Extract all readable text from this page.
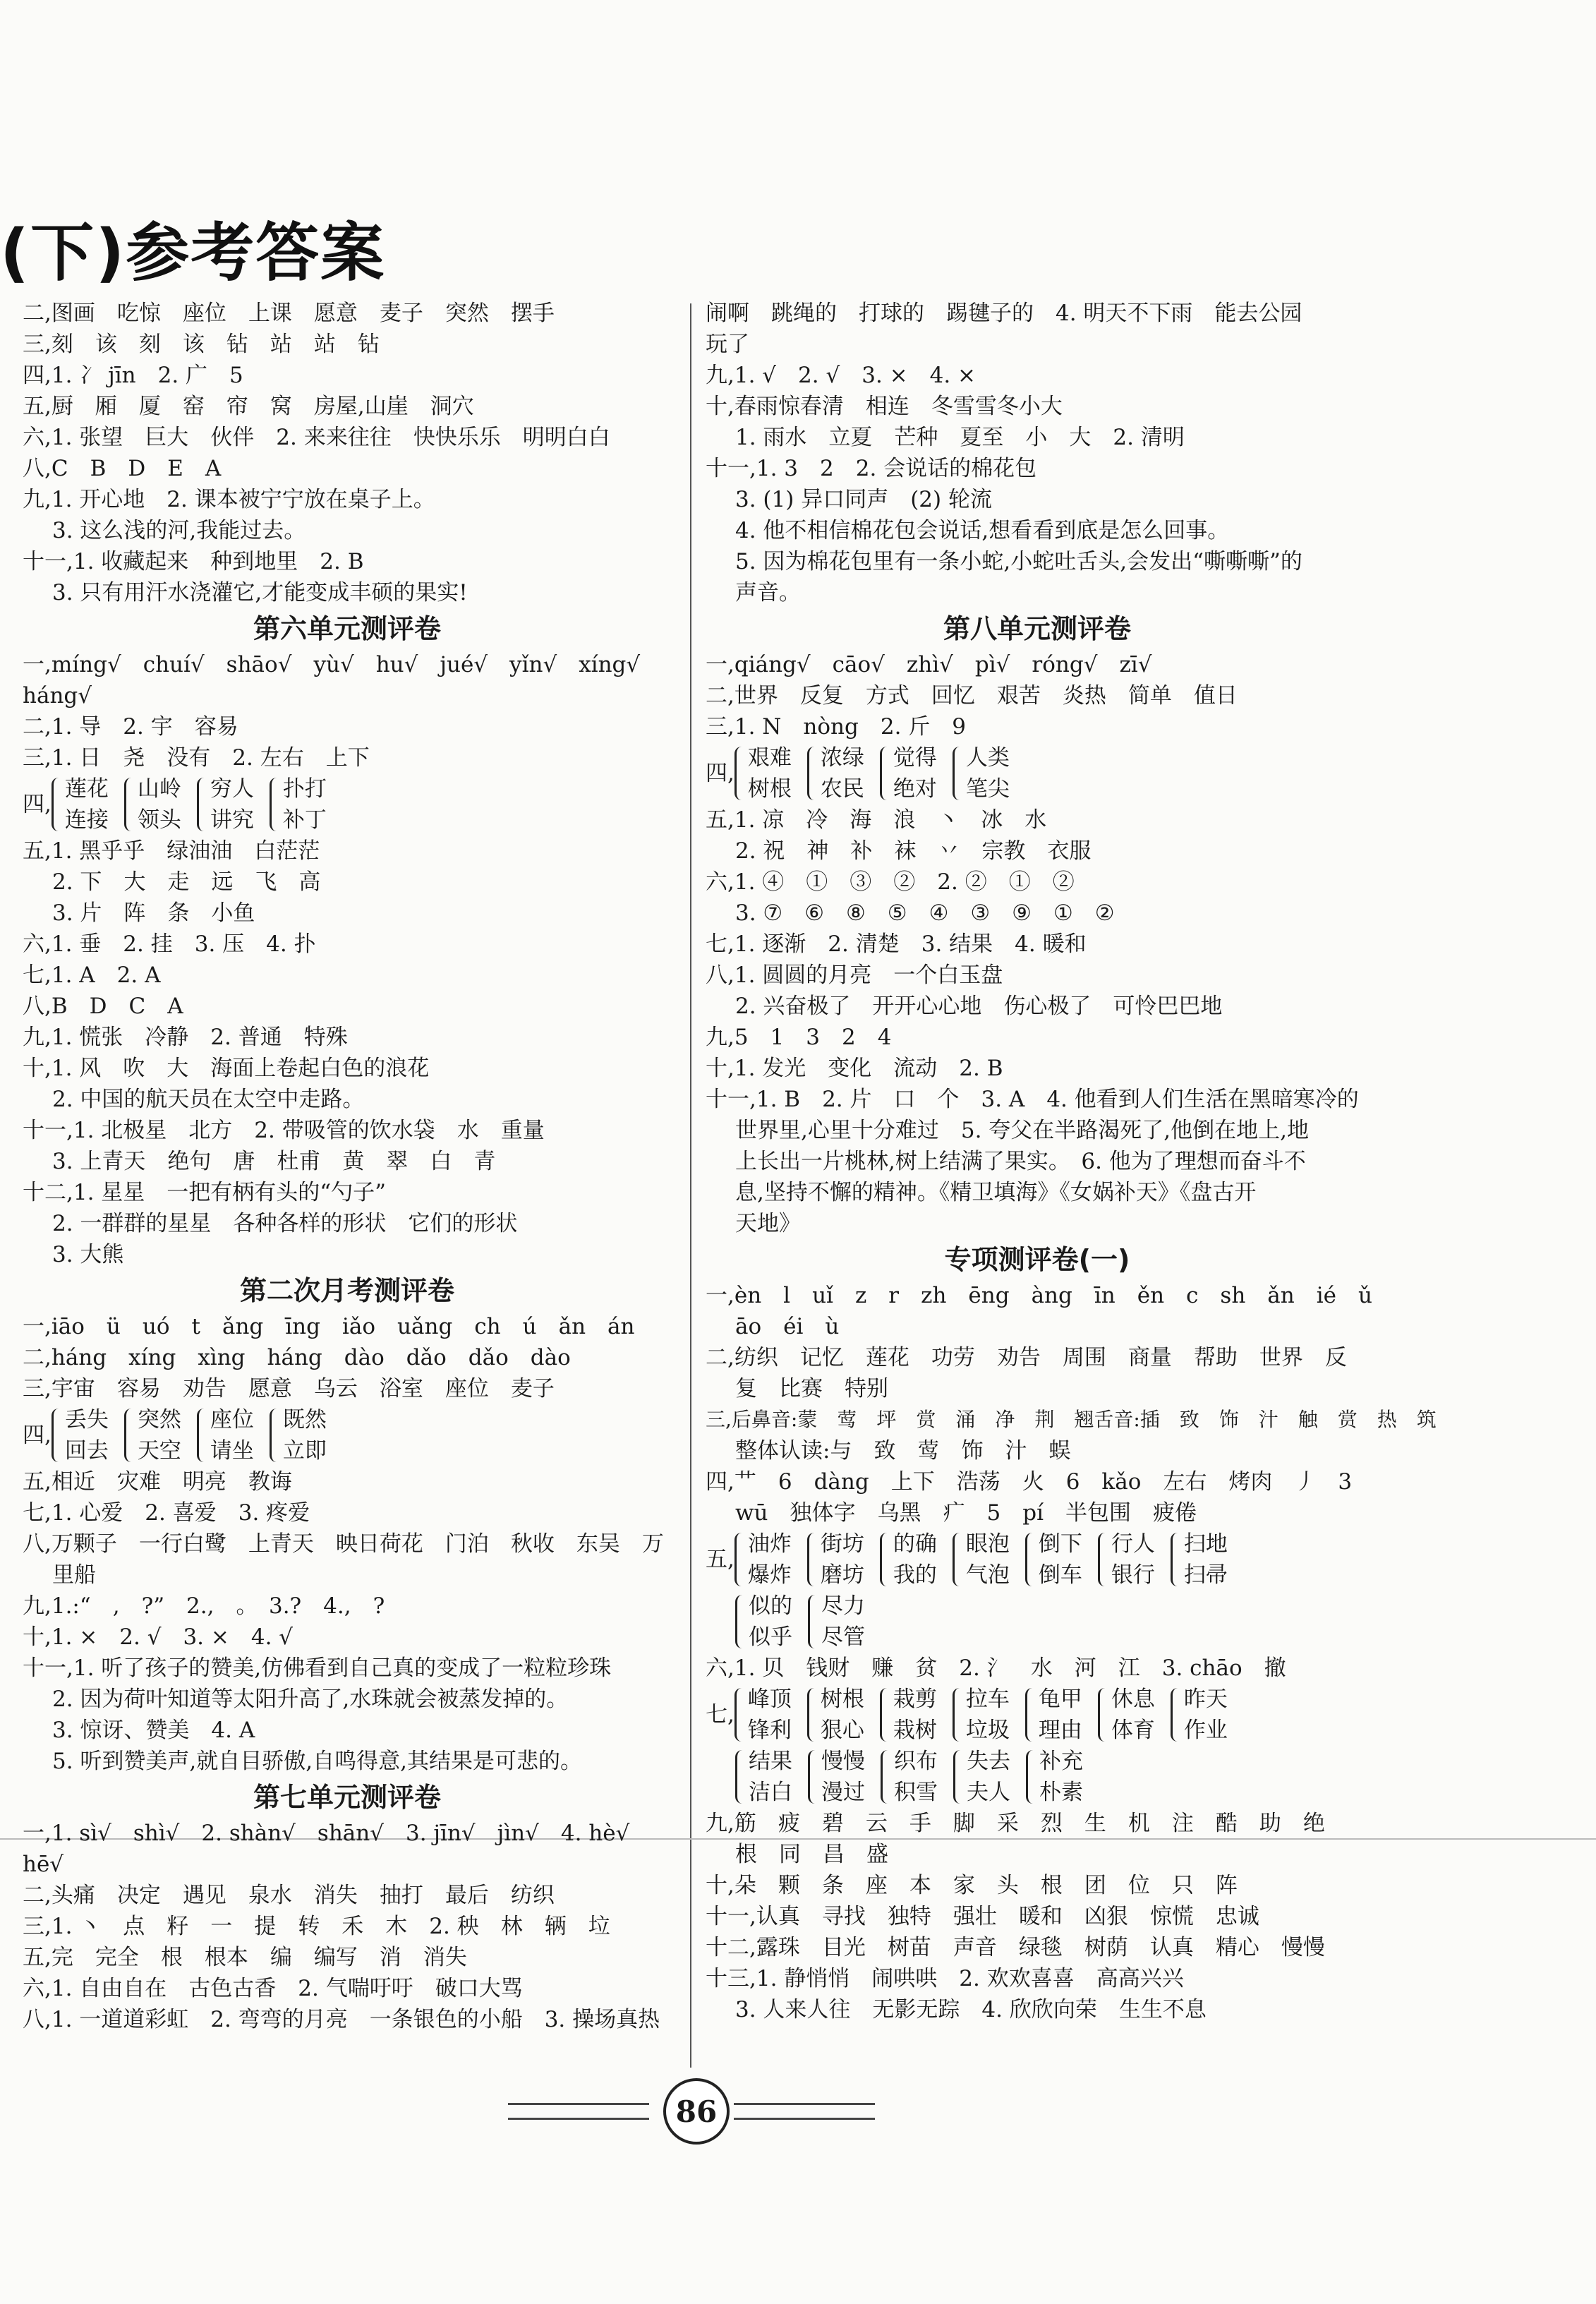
(下)参考答案
二,图画　吃惊　座位　上课　愿意　麦子　突然　摆手
三,刻　该　刻　该　钻　站　站　钻
四,1. 冫 jīn　2. 广　5
五,厨　厢　厦　窑　帘　窝　房屋,山崖　洞穴
六,1. 张望　巨大　伙伴　2. 来来往往　快快乐乐　明明白白
八,C　B　D　E　A
九,1. 开心地　2. 课本被宁宁放在桌子上。
3. 这么浅的河,我能过去。
十一,1. 收藏起来　种到地里　2. B
3. 只有用汗水浇灌它,才能变成丰硕的果实!
第六单元测评卷
一,míng√　chuí√　shāo√　yù√　hu√　jué√　yǐn√　xíng√
háng√
二,1. 导　2. 宇　容易
三,1. 日　尧　没有　2. 左右　上下
四,
莲花
连接
山岭
领头
穷人
讲究
扑打
补丁
五,1. 黑乎乎　绿油油　白茫茫
2. 下　大　走　远　飞　高
3. 片　阵　条　小鱼
六,1. 垂　2. 挂　3. 压　4. 扑
七,1. A　2. A
八,B　D　C　A
九,1. 慌张　冷静　2. 普通　特殊
十,1. 风　吹　大　海面上卷起白色的浪花
2. 中国的航天员在太空中走路。
十一,1. 北极星　北方　2. 带吸管的饮水袋　水　重量
3. 上青天　绝句　唐　杜甫　黄　翠　白　青
十二,1. 星星　一把有柄有头的“勺子”
2. 一群群的星星　各种各样的形状　它们的形状
3. 大熊
第二次月考测评卷
一,iāo　ü　uó　t　ǎng　īng　iǎo　uǎng　ch　ú　ǎn　án
二,háng　xíng　xìng　háng　dào　dǎo　dǎo　dào
三,宇宙　容易　劝告　愿意　乌云　浴室　座位　麦子
四,
丢失
回去
突然
天空
座位
请坐
既然
立即
五,相近　灾难　明亮　教诲
七,1. 心爱　2. 喜爱　3. 疼爱
八,万颗子　一行白鹭　上青天　映日荷花　门泊　秋收　东吴　万
里船
九,1.:“　,　?”　2.,　。　3.?　4.,　?
十,1. ×　2. √　3. ×　4. √
十一,1. 听了孩子的赞美,仿佛看到自己真的变成了一粒粒珍珠
2. 因为荷叶知道等太阳升高了,水珠就会被蒸发掉的。
3. 惊讶、赞美　4. A
5. 听到赞美声,就自目骄傲,自鸣得意,其结果是可悲的。
第七单元测评卷
一,1. sì√　shì√　2. shàn√　shān√　3. jīn√　jìn√　4. hè√
hē√
二,头痛　决定　遇见　泉水　消失　抽打　最后　纺织
三,1. 丶　点　籽　一　提　转　禾　木　2. 秧　林　辆　垃
五,完　完全　根　根本　编　编写　消　消失
六,1. 自由自在　古色古香　2. 气喘吁吁　破口大骂
八,1. 一道道彩虹　2. 弯弯的月亮　一条银色的小船　3. 操场真热
闹啊　跳绳的　打球的　踢毽子的　4. 明天不下雨　能去公园
玩了
九,1. √　2. √　3. ×　4. ×
十,春雨惊春清　相连　冬雪雪冬小大
1. 雨水　立夏　芒种　夏至　小　大　2. 清明
十一,1. 3　2　2. 会说话的棉花包
3. (1) 异口同声　(2) 轮流
4. 他不相信棉花包会说话,想看看到底是怎么回事。
5. 因为棉花包里有一条小蛇,小蛇吐舌头,会发出“嘶嘶嘶”的
声音。
第八单元测评卷
一,qiáng√　cāo√　zhì√　pì√　róng√　zī√
二,世界　反复　方式　回忆　艰苦　炎热　简单　值日
三,1. N　nòng　2. 斤　9
四,
艰难
树根
浓绿
农民
觉得
绝对
人类
笔尖
五,1. 凉　冷　海　浪　丶　冰　水
2. 祝　神　补　袜　丷　宗教　衣服
六,1. ④　①　③　②　2. ②　①　②
3. ⑦　⑥　⑧　⑤　④　③　⑨　①　②
七,1. 逐渐　2. 清楚　3. 结果　4. 暖和
八,1. 圆圆的月亮　一个白玉盘
2. 兴奋极了　开开心心地　伤心极了　可怜巴巴地
九,5　1　3　2　4
十,1. 发光　变化　流动　2. B
十一,1. B　2. 片　口　个　3. A　4. 他看到人们生活在黑暗寒冷的
世界里,心里十分难过　5. 夸父在半路渴死了,他倒在地上,地
上长出一片桃林,树上结满了果实。　6. 他为了理想而奋斗不
息,坚持不懈的精神。《精卫填海》《女娲补天》《盘古开
天地》
专项测评卷(一)
一,èn　l　uǐ　z　r　zh　ēng　àng　īn　ěn　c　sh　ǎn　ié　ǔ
āo　éi　ù
二,纺织　记忆　莲花　功劳　劝告　周围　商量　帮助　世界　反
复　比赛　特别
三,后鼻音:蒙　莺　坪　赏　涌　净　荆　翘舌音:插　致　饰　汁　触　赏　热　筑
整体认读:与　致　莺　饰　汁　蜈
四,艹　6　dàng　上下　浩荡　火　6　kǎo　左右　烤肉　丿　3
wū　独体字　乌黑　疒　5　pí　半包围　疲倦
五,
油炸
爆炸
街坊
磨坊
的确
我的
眼泡
气泡
倒下
倒车
行人
银行
扫地
扫帚
似的
似乎
尽力
尽管
六,1. 贝　钱财　赚　贫　2. 氵　水　河　江　3. chāo　撤
七,
峰顶
锋利
树根
狠心
栽剪
栽树
拉车
垃圾
龟甲
理由
休息
体育
昨天
作业
结果
洁白
慢慢
漫过
织布
积雪
失去
夫人
补充
朴素
九,筋　疲　碧　云　手　脚　采　烈　生　机　注　酷　助　绝
根　同　昌　盛
十,朵　颗　条　座　本　家　头　根　团　位　只　阵
十一,认真　寻找　独特　强壮　暖和　凶狠　惊慌　忠诚
十二,露珠　目光　树苗　声音　绿毯　树荫　认真　精心　慢慢
十三,1. 静悄悄　闹哄哄　2. 欢欢喜喜　高高兴兴
3. 人来人往　无影无踪　4. 欣欣向荣　生生不息
86
